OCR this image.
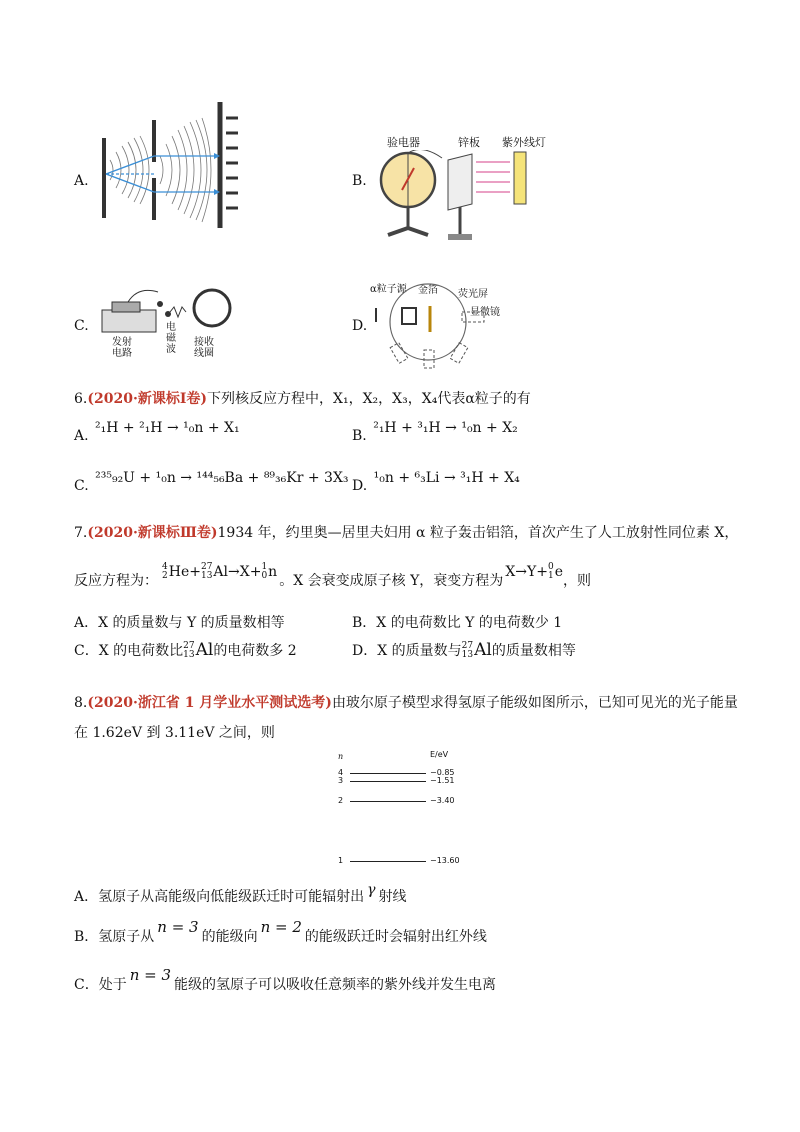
A.	B.
验电器	锌板 紫外线灯
C.
发射电路
电磁波
接收线圈
D.
α粒子源 金箔 荧光屏
显微镜
6.(2020·新课标Ⅰ卷)下列核反应方程中，X₁，X₂，X₃，X₄代表α粒子的有
A. ²₁H + ²₁H → ¹₀n + X₁	B. ²₁H + ³₁H → ¹₀n + X₂
C. ²³⁵₉₂U + ¹₀n → ¹⁴⁴₅₆Ba + ⁸⁹₃₆Kr + 3X₃ D. ¹₀n + ⁶₃Li → ³₁H + X₄
7.(2020·新课标Ⅲ卷)1934 年，约里奥—居里夫妇用 α 粒子轰击铝箔，首次产生了人工放射性同位素 X，
反应方程为：
4
2 He+ 27
13 Al→X+ 1
0 n
。X 会衰变成原子核 Y，衰变方程为
X→Y+ 0
1 e
，则
A．X 的质量数与 Y 的质量数相等	B．X 的电荷数比 Y 的电荷数少 1
C． X 的电荷数比 27
13 Al 的电荷数多 2	D． X 的质量数与 27
13 Al 的质量数相等
8.(2020·浙江省 1 月学业水平测试选考)由玻尔原子模型求得氢原子能级如图所示，已知可见光的光子能量
在 1.62eV 到 3.11eV 之间，则
n	E/eV
4	−0.85
3	−1.51
2	−3.40
1	−13.60
A． 氢原子从高能级向低能级跃迁时可能辐射出 γ 射线
B． 氢原子从
n = 3
的能级向
n = 2
的能级跃迁时会辐射出红外线
C． 处于
n = 3
能级的氢原子可以吸收任意频率的紫外线并发生电离
